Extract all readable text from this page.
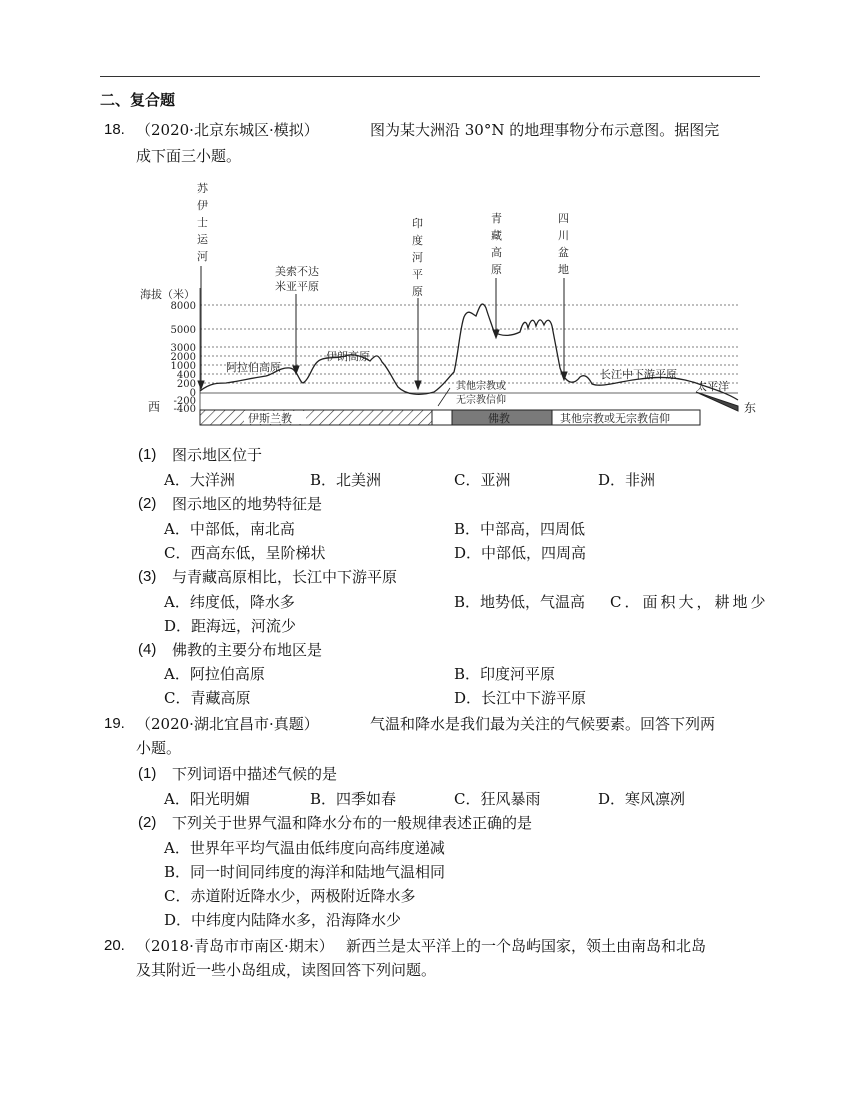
二、复合题
18. （2020·北京东城区·模拟）	图为某大洲沿 30°N 的地理事物分布示意图。据图完
成下面三小题。
苏
伊
士
运
河
美索不达
米亚平原
印
度
河
平
原
青
藏
高
原
四
川
盆
地
海拔（米）
8000
5000
3000
2000
1000
400
200
0
-200
-400
阿拉伯高原
伊朗高原
长江中下游平原
太平洋
其他宗教或
无宗教信仰
西	东
伊斯兰教	佛教	其他宗教或无宗教信仰
(1) 图示地区位于
A．大洋洲	B．北美洲	C．亚洲	D．非洲
(2) 图示地区的地势特征是
A．中部低，南北高	B．中部高，四周低
C．西高东低，呈阶梯状	D．中部低，四周高
(3) 与青藏高原相比，长江中下游平原
A．纬度低，降水多	B．地势低，气温高 C．面积大，耕地少
D．距海远，河流少
(4) 佛教的主要分布地区是
A．阿拉伯高原	B．印度河平原
C．青藏高原	D．长江中下游平原
19. （2020·湖北宜昌市·真题）	气温和降水是我们最为关注的气候要素。回答下列两
小题。
(1) 下列词语中描述气候的是
A．阳光明媚	B．四季如春	C．狂风暴雨	D．寒风凛冽
(2) 下列关于世界气温和降水分布的一般规律表述正确的是
A．世界年平均气温由低纬度向高纬度递减
B．同一时间同纬度的海洋和陆地气温相同
C．赤道附近降水少，两极附近降水多
D．中纬度内陆降水多，沿海降水少
20. （2018·青岛市市南区·期末） 新西兰是太平洋上的一个岛屿国家，领土由南岛和北岛
及其附近一些小岛组成，读图回答下列问题。
